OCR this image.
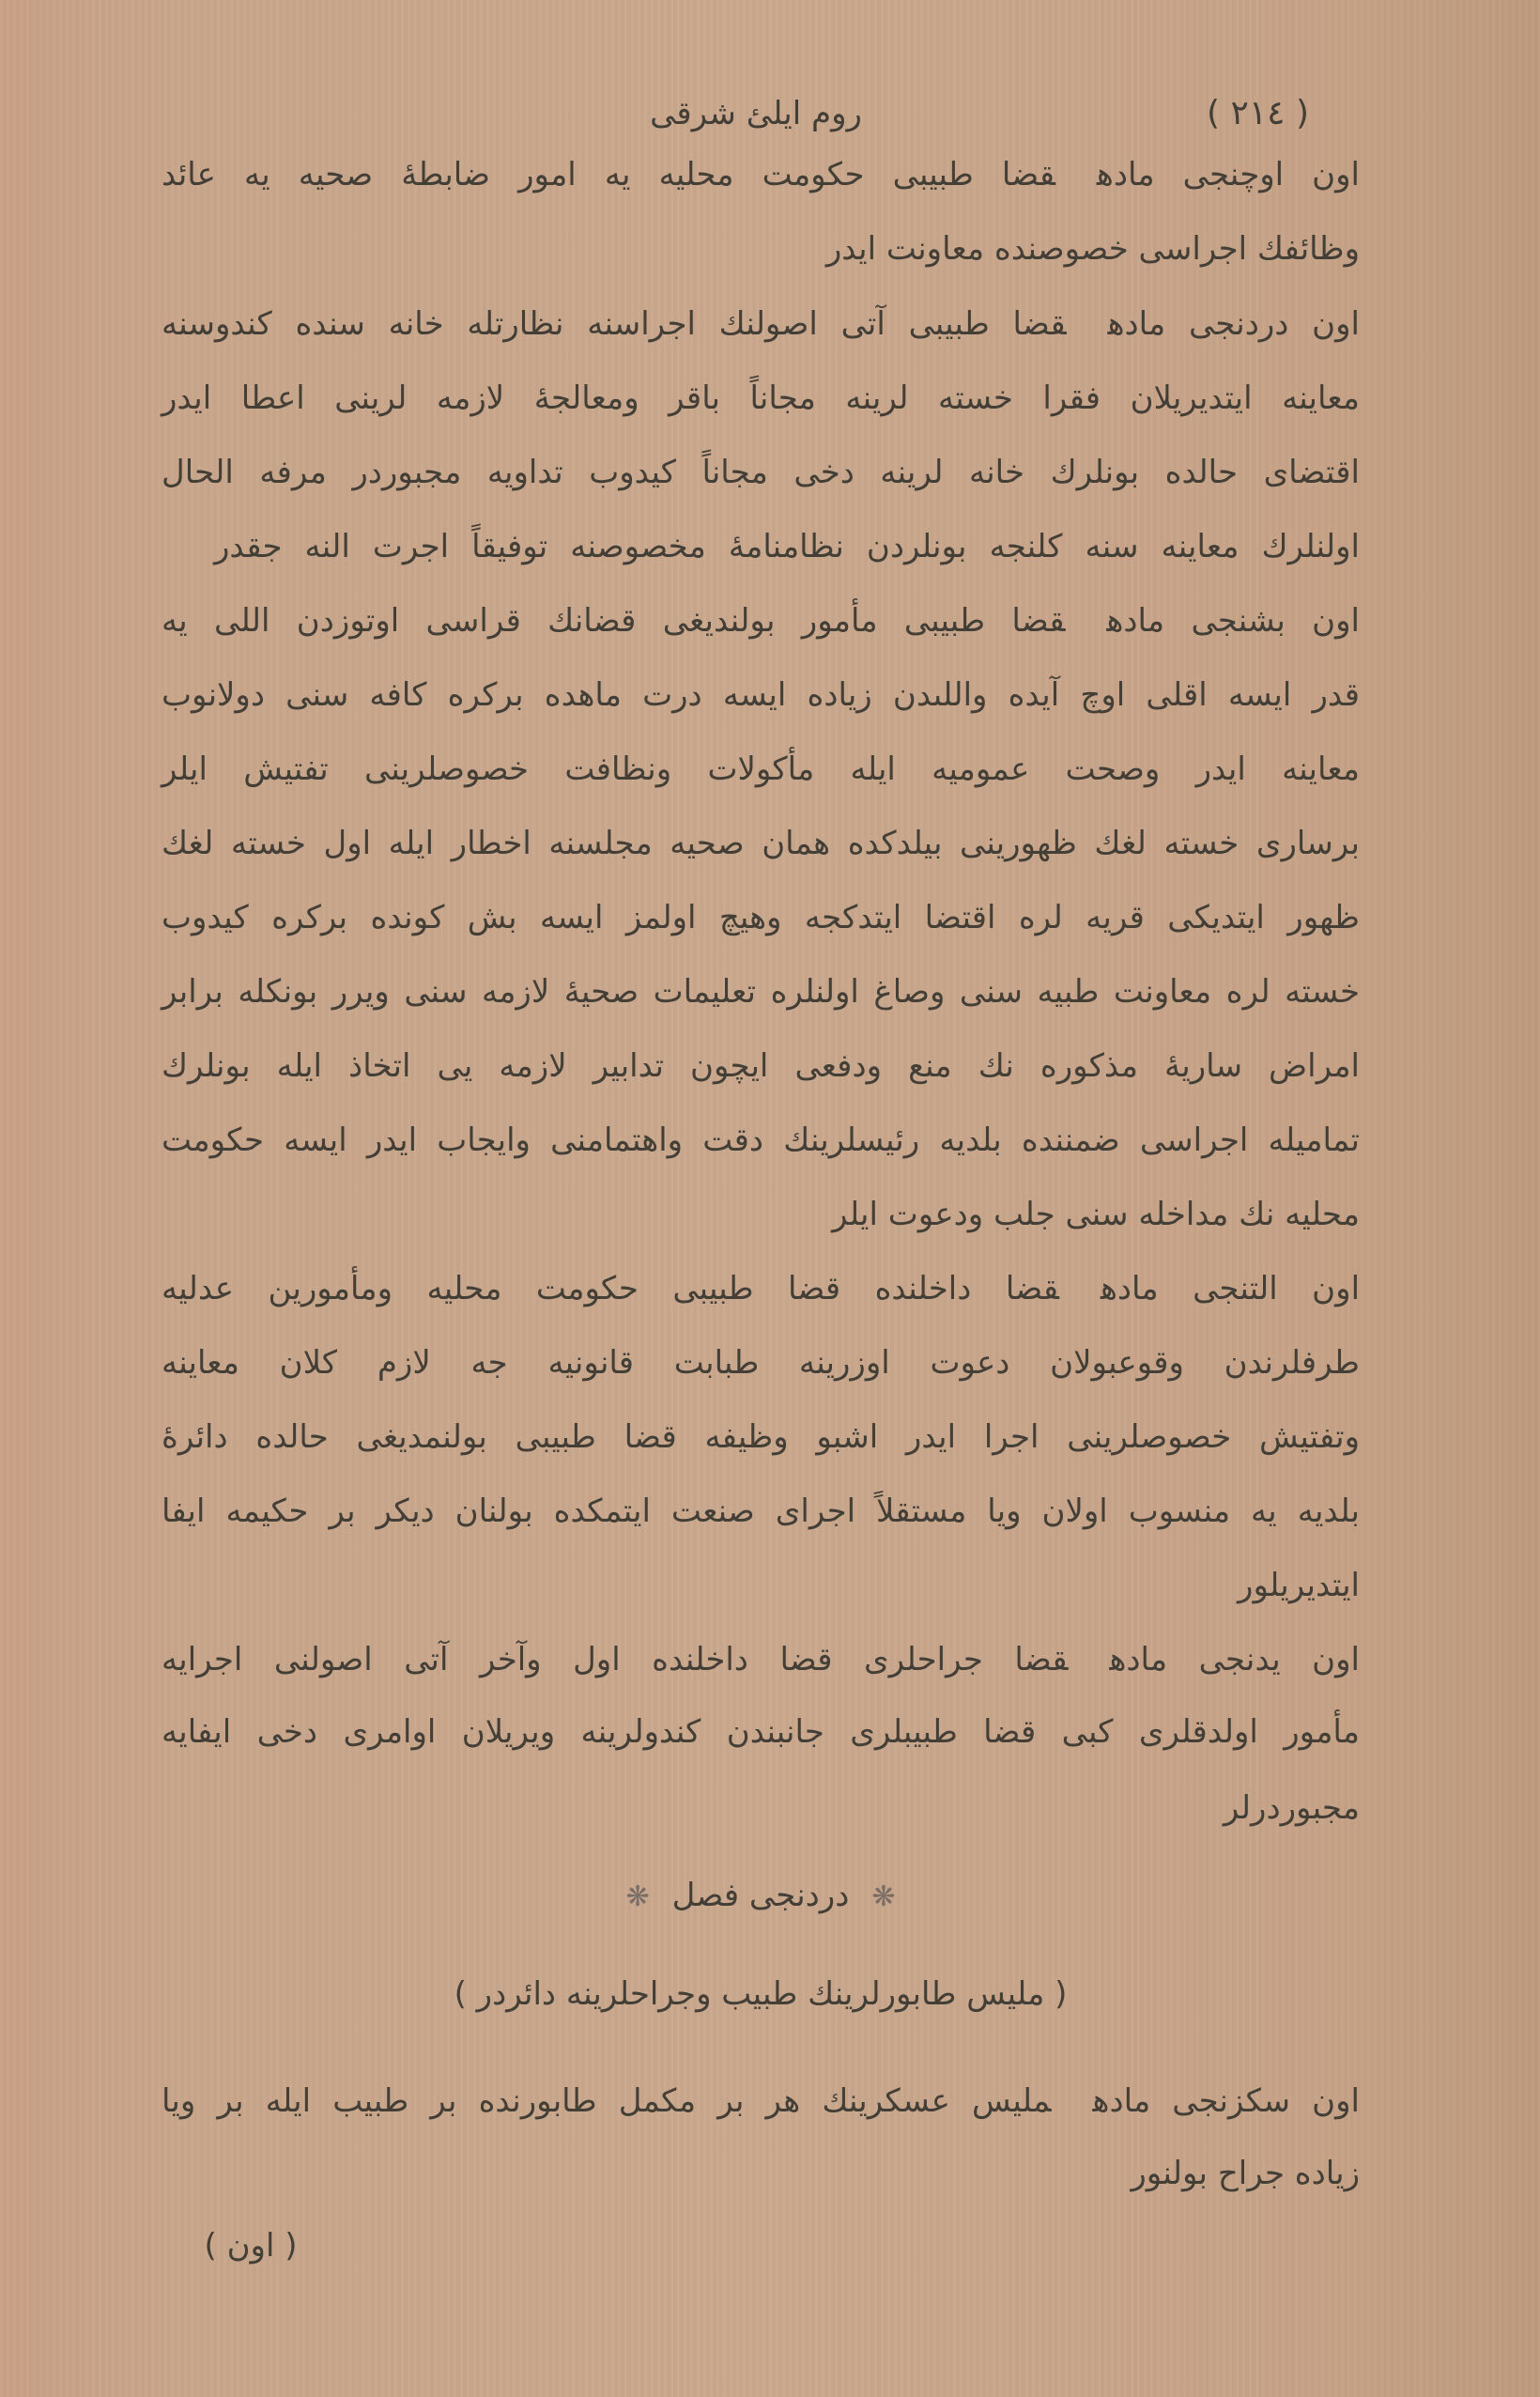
( ٢١٤ )
روم ايلئ شرقى
اون اوچنجى مادهقضا طبيبى حكومت محليه يه امور ضابطهٔ صحيه يه عائد
وظائفك اجراسى خصوصنده معاونت ايدر
اون دردنجى مادهقضا طبيبى آتى اصولنك اجراسنه نظارتله خانه سنده كندوسنه
معاينه ايتديريلان فقرا خسته لرينه مجاناً باقر ومعالجهٔ لازمه لرينى اعطا ايدر
اقتضاى حالده بونلرك خانه لرينه دخى مجاناً كيدوب تداويه مجبوردر مرفه الحال
اولنلرك معاينه سنه كلنجه بونلردن نظامنامهٔ مخصوصنه توفيقاً اجرت النه جقدر
اون بشنجى مادهقضا طبيبى مأمور بولنديغى قضانك قراسى اوتوزدن اللى يه
قدر ايسه اقلى اوچ آيده واللىدن زياده ايسه درت ماهده بركره كافه سنى دولانوب
معاينه ايدر وصحت عموميه ايله مأكولات ونظافت خصوصلرينى تفتيش ايلر
برسارى خسته لغك ظهورينى بيلدكده همان صحيه مجلسنه اخطار ايله اول خسته لغك
ظهور ايتديكى قريه لره اقتضا ايتدكجه وهيچ اولمز ايسه بش كونده بركره كيدوب
خسته لره معاونت طبيه سنى وصاغ اولنلره تعليمات صحيهٔ لازمه سنى ويرر بونكله برابر
امراض ساريهٔ مذكوره نك منع ودفعى ايچون تدابير لازمه يى اتخاذ ايله بونلرك
تماميله اجراسى ضمننده بلديه رئيسلرينك دقت واهتمامنى وايجاب ايدر ايسه حكومت
محليه نك مداخله سنى جلب ودعوت ايلر
اون التنجى مادهقضا داخلنده قضا طبيبى حكومت محليه ومأمورين عدليه
طرفلرندن وقوعبولان دعوت اوزرينه طبابت قانونيه جه لازم كلان معاينه
وتفتيش خصوصلرينى اجرا ايدر اشبو وظيفه قضا طبيبى بولنمديغى حالده دائرهٔ
بلديه يه منسوب اولان ويا مستقلاً اجراى صنعت ايتمكده بولنان ديكر بر حكيمه ايفا
ايتديريلور
اون يدنجى مادهقضا جراحلرى قضا داخلنده اول وآخر آتى اصولنى اجرايه
مأمور اولدقلرى كبى قضا طبيبلرى جانبندن كندولرينه ويريلان اوامرى دخى ايفايه
مجبوردرلر
❋دردنجى فصل❋
( مليس طابورلرينك طبيب وجراحلرينه دائردر )
اون سكزنجى مادهمليس عسكرينك هر بر مكمل طابورنده بر طبيب ايله بر ويا
زياده جراح بولنور
( اون )
